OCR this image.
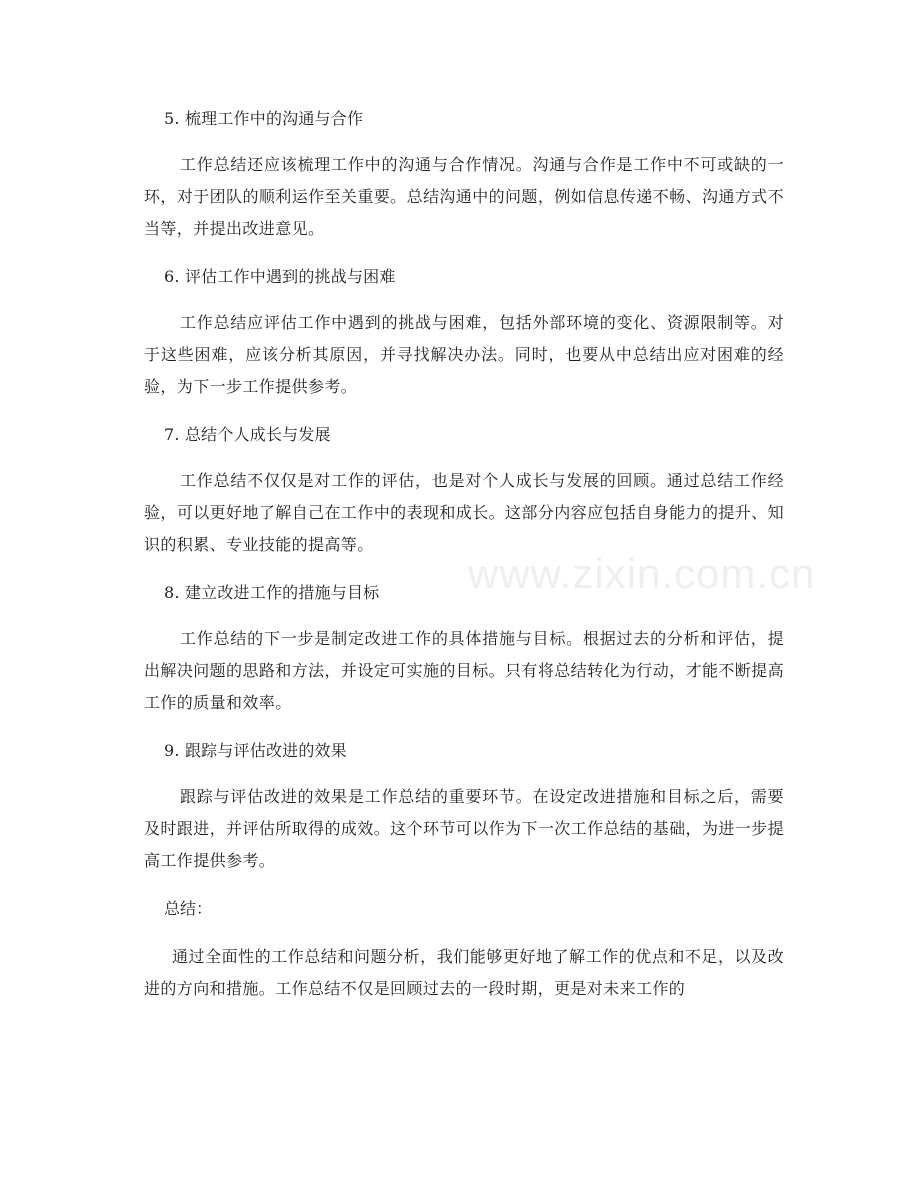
5. 梳理工作中的沟通与合作

工作总结还应该梳理工作中的沟通与合作情况。沟通与合作是工作中不可或缺的一环，对于团队的顺利运作至关重要。总结沟通中的问题，例如信息传递不畅、沟通方式不当等，并提出改进意见。

6. 评估工作中遇到的挑战与困难

工作总结应评估工作中遇到的挑战与困难，包括外部环境的变化、资源限制等。对于这些困难，应该分析其原因，并寻找解决办法。同时，也要从中总结出应对困难的经验，为下一步工作提供参考。

7. 总结个人成长与发展

工作总结不仅仅是对工作的评估，也是对个人成长与发展的回顾。通过总结工作经验，可以更好地了解自己在工作中的表现和成长。这部分内容应包括自身能力的提升、知识的积累、专业技能的提高等。

8. 建立改进工作的措施与目标

工作总结的下一步是制定改进工作的具体措施与目标。根据过去的分析和评估，提出解决问题的思路和方法，并设定可实施的目标。只有将总结转化为行动，才能不断提高工作的质量和效率。

9. 跟踪与评估改进的效果

跟踪与评估改进的效果是工作总结的重要环节。在设定改进措施和目标之后，需要及时跟进，并评估所取得的成效。这个环节可以作为下一次工作总结的基础，为进一步提高工作提供参考。

总结：

通过全面性的工作总结和问题分析，我们能够更好地了解工作的优点和不足，以及改进的方向和措施。工作总结不仅是回顾过去的一段时期，更是对未来工作的

www.zixin.com.cn
